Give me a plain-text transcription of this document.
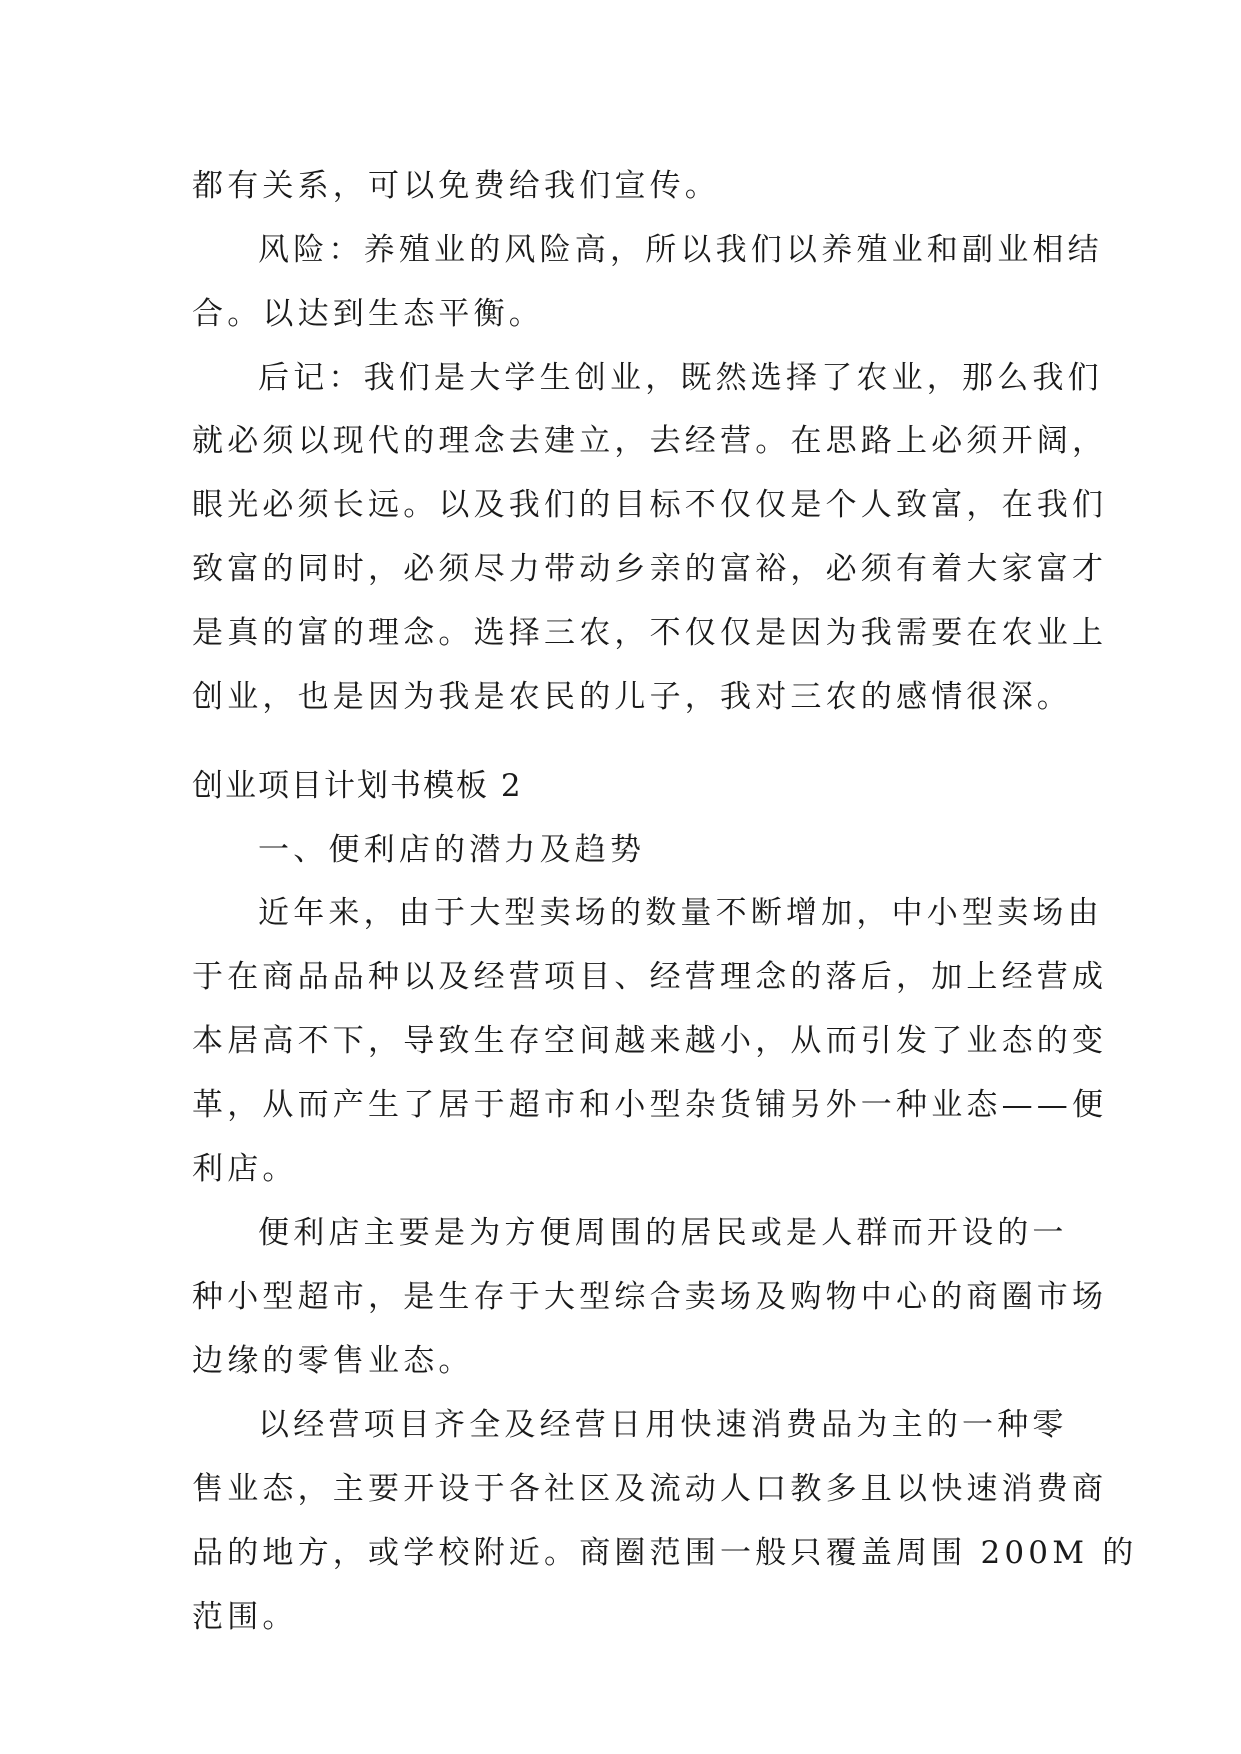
都有关系，可以免费给我们宣传。
风险：养殖业的风险高，所以我们以养殖业和副业相结
合。以达到生态平衡。
后记：我们是大学生创业，既然选择了农业，那么我们
就必须以现代的理念去建立，去经营。在思路上必须开阔，
眼光必须长远。以及我们的目标不仅仅是个人致富，在我们
致富的同时，必须尽力带动乡亲的富裕，必须有着大家富才
是真的富的理念。选择三农，不仅仅是因为我需要在农业上
创业，也是因为我是农民的儿子，我对三农的感情很深。
创业项目计划书模板 2
一、便利店的潜力及趋势
近年来，由于大型卖场的数量不断增加，中小型卖场由
于在商品品种以及经营项目、经营理念的落后，加上经营成
本居高不下，导致生存空间越来越小，从而引发了业态的变
革，从而产生了居于超市和小型杂货铺另外一种业态——便
利店。
便利店主要是为方便周围的居民或是人群而开设的一
种小型超市，是生存于大型综合卖场及购物中心的商圈市场
边缘的零售业态。
以经营项目齐全及经营日用快速消费品为主的一种零
售业态，主要开设于各社区及流动人口教多且以快速消费商
品的地方，或学校附近。商圈范围一般只覆盖周围 200M 的
范围。
